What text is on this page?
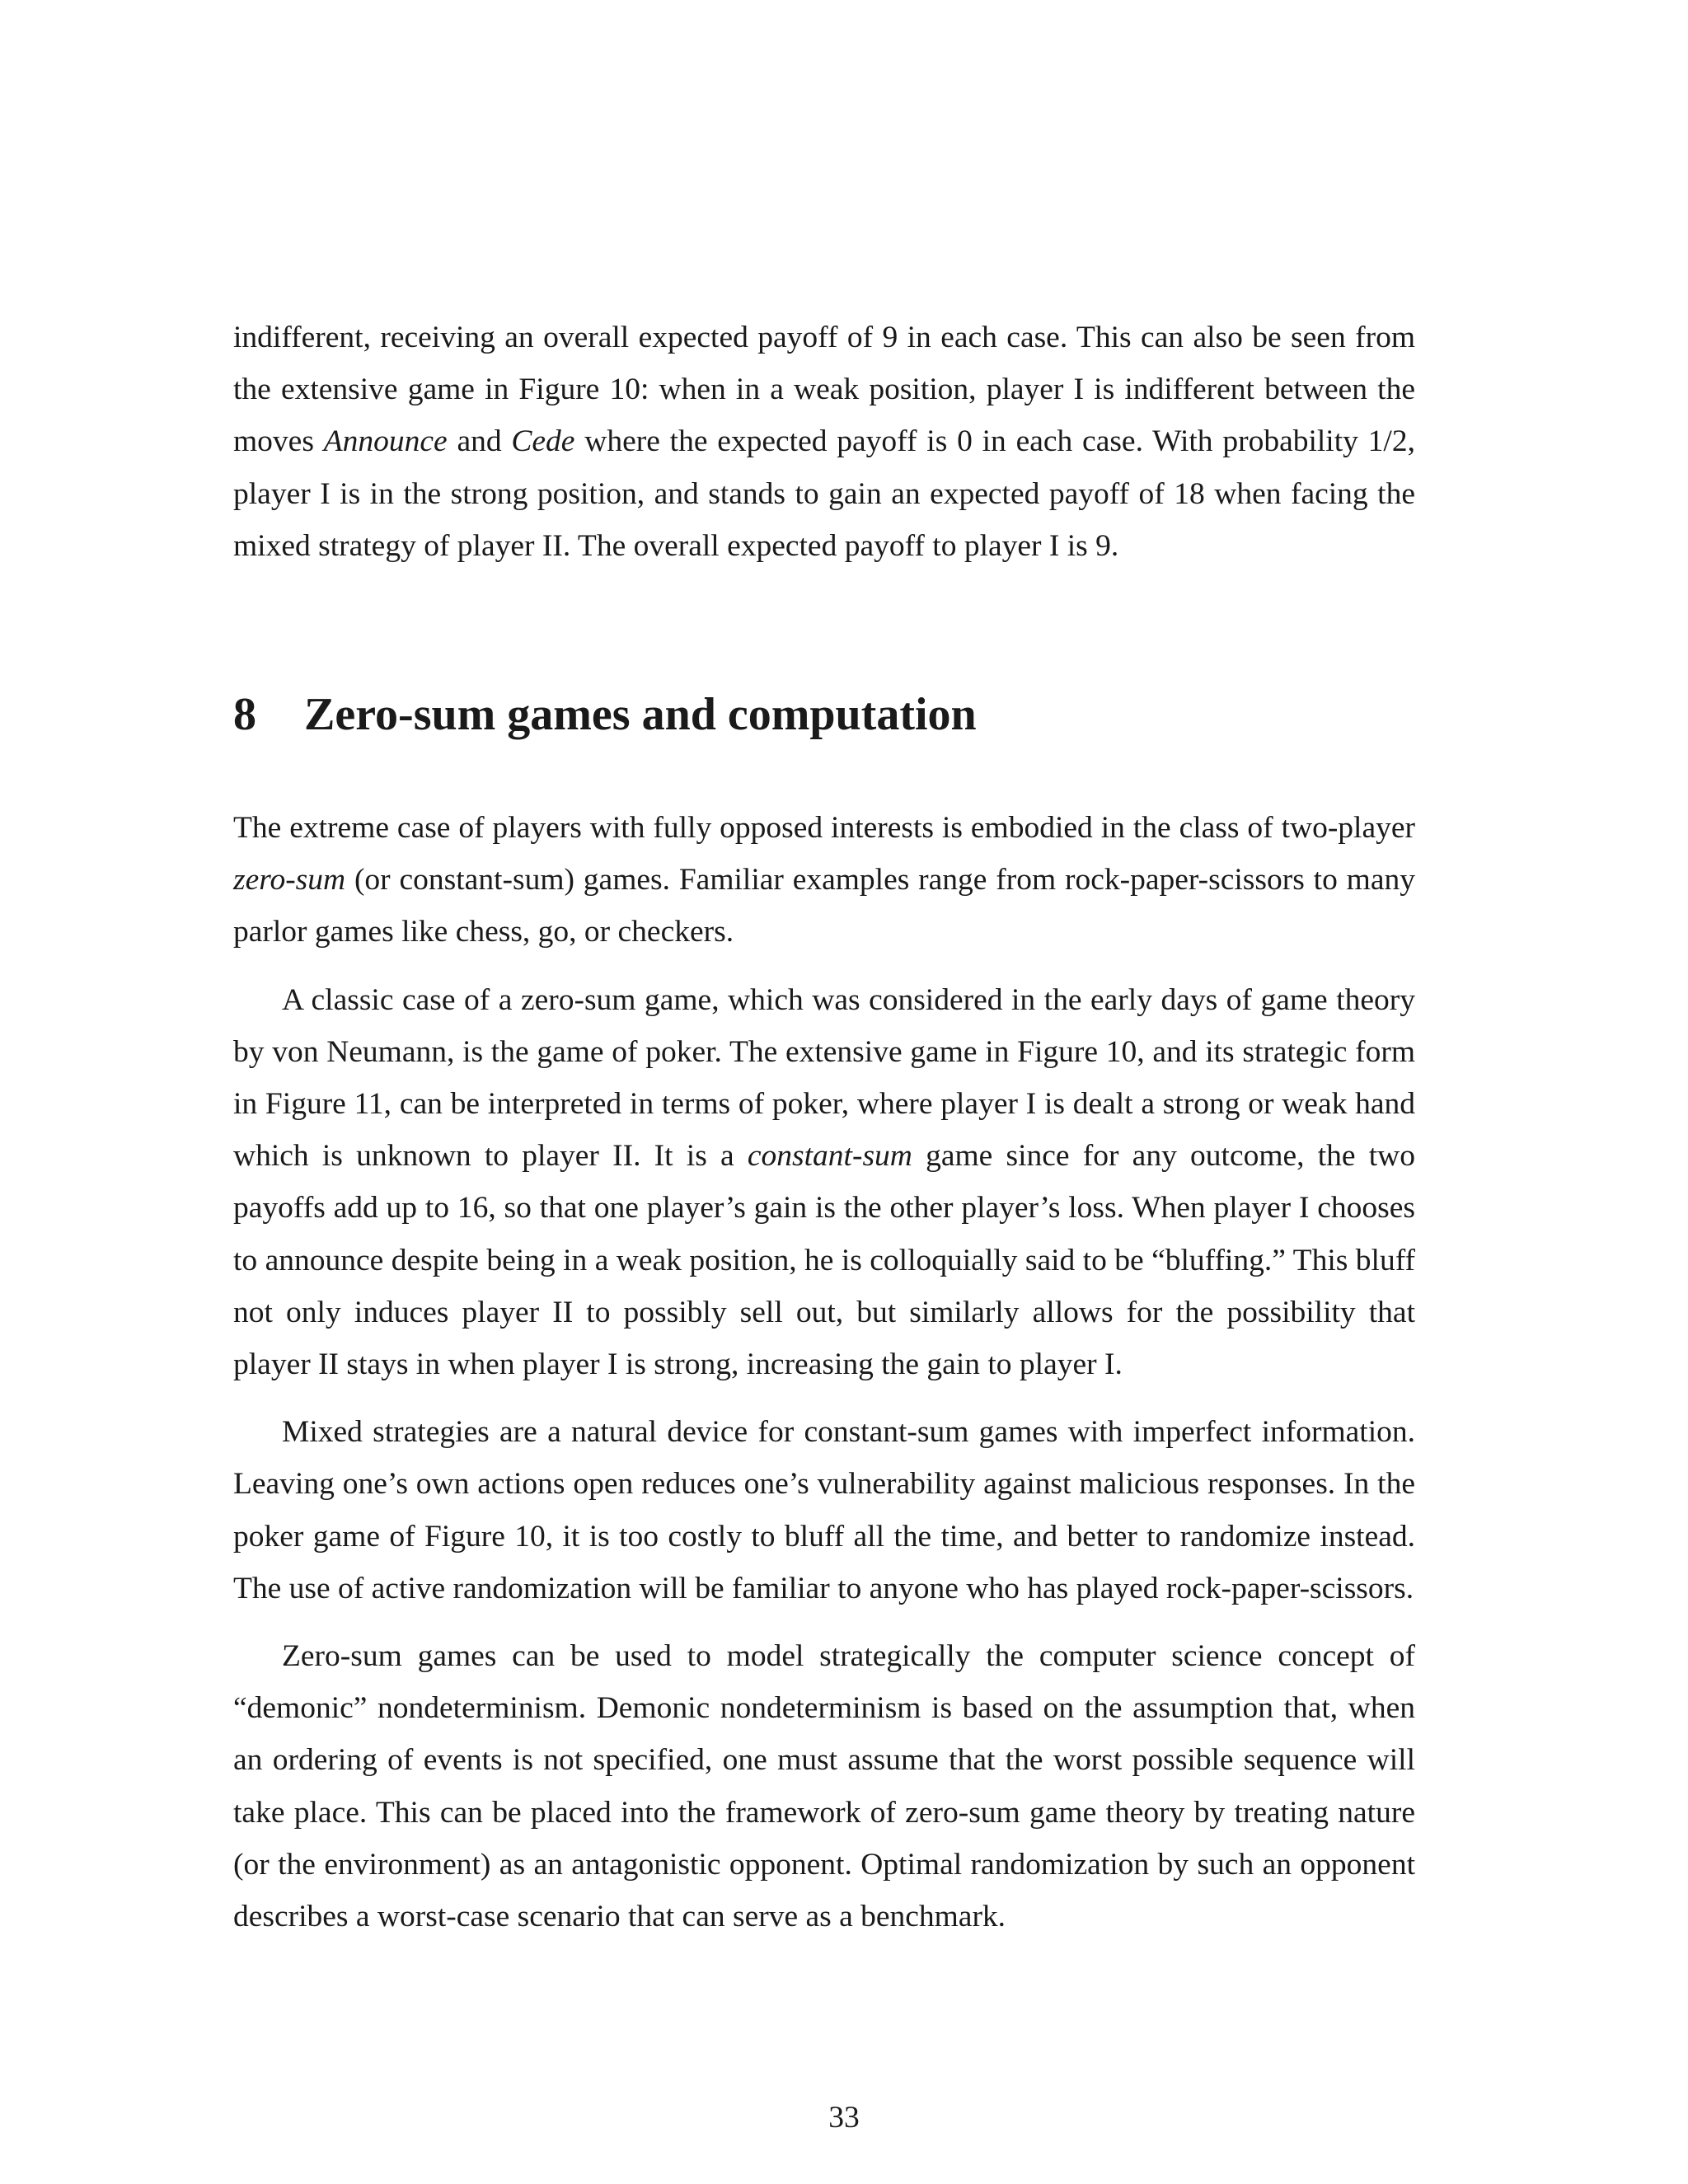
indifferent, receiving an overall expected payoff of 9 in each case. This can also be seen from the extensive game in Figure 10: when in a weak position, player I is indifferent between the moves Announce and Cede where the expected payoff is 0 in each case. With probability 1/2, player I is in the strong position, and stands to gain an expected payoff of 18 when facing the mixed strategy of player II. The overall expected payoff to player I is 9.

8 Zero-sum games and computation

The extreme case of players with fully opposed interests is embodied in the class of two-player zero-sum (or constant-sum) games. Familiar examples range from rock-paper-scissors to many parlor games like chess, go, or checkers.

A classic case of a zero-sum game, which was considered in the early days of game theory by von Neumann, is the game of poker. The extensive game in Figure 10, and its strategic form in Figure 11, can be interpreted in terms of poker, where player I is dealt a strong or weak hand which is unknown to player II. It is a constant-sum game since for any outcome, the two payoffs add up to 16, so that one player’s gain is the other player’s loss. When player I chooses to announce despite being in a weak position, he is colloquially said to be “bluffing.” This bluff not only induces player II to possibly sell out, but similarly allows for the possibility that player II stays in when player I is strong, increasing the gain to player I.

Mixed strategies are a natural device for constant-sum games with imperfect information. Leaving one’s own actions open reduces one’s vulnerability against malicious responses. In the poker game of Figure 10, it is too costly to bluff all the time, and better to randomize instead. The use of active randomization will be familiar to anyone who has played rock-paper-scissors.

Zero-sum games can be used to model strategically the computer science concept of “demonic” nondeterminism. Demonic nondeterminism is based on the assumption that, when an ordering of events is not specified, one must assume that the worst possible sequence will take place. This can be placed into the framework of zero-sum game theory by treating nature (or the environment) as an antagonistic opponent. Optimal randomization by such an opponent describes a worst-case scenario that can serve as a benchmark.

33
